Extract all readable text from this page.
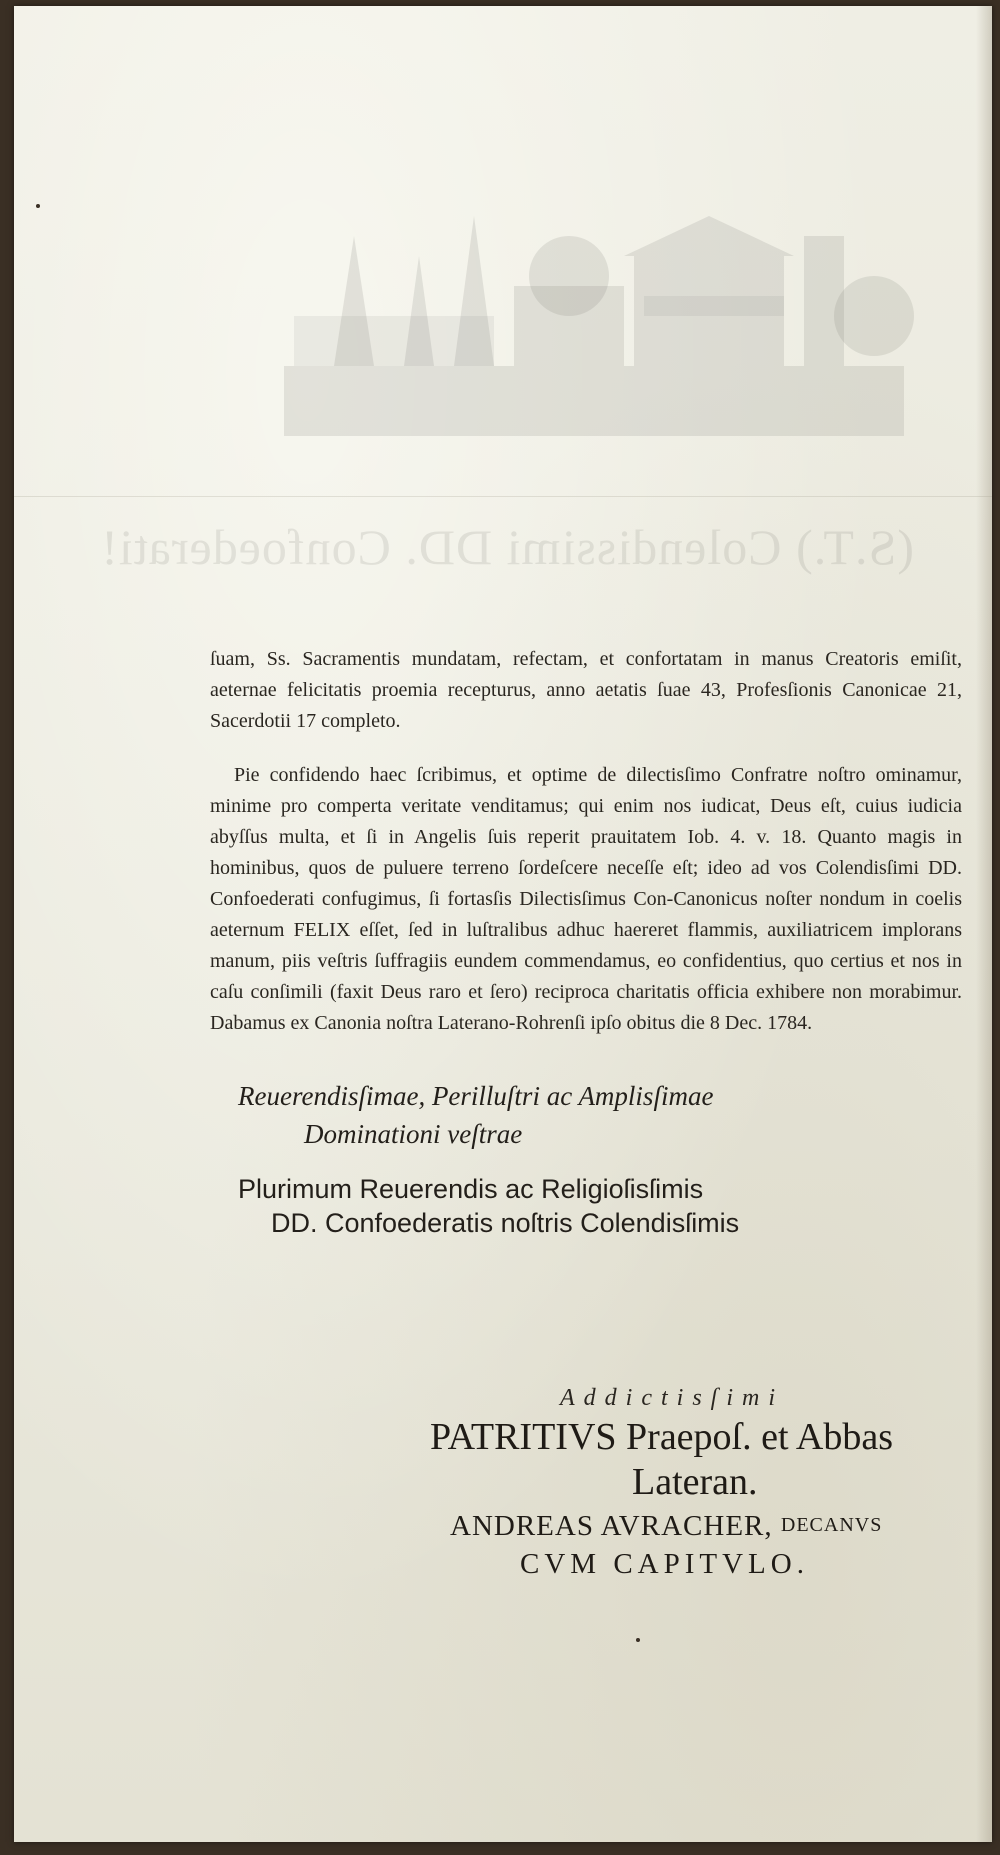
(S.T.) Colendissimi DD. Confoederati!
ſuam, Ss. Sacramentis mundatam, refectam, et confortatam in manus Creatoris emiſit, aeternae felicitatis proemia recepturus, anno aetatis ſuae 43, Profesſionis Canonicae 21, Sacerdotii 17 completo.
Pie confidendo haec ſcribimus, et optime de dilectisſimo Confratre noſtro ominamur, minime pro comperta veritate venditamus; qui enim nos iudicat, Deus eſt, cuius iudicia abyſſus multa, et ſi in Angelis ſuis reperit prauitatem Iob. 4. v. 18. Quanto magis in hominibus, quos de puluere terreno ſordeſcere neceſſe eſt; ideo ad vos Colendisſimi DD. Confoederati confugimus, ſi fortasſis Dilectisſimus Con-Canonicus noſter nondum in coelis aeternum FELIX eſſet, ſed in luſtralibus adhuc haereret flammis, auxiliatricem implorans manum, piis veſtris ſuffragiis eundem commendamus, eo confidentius, quo certius et nos in caſu conſimili (faxit Deus raro et ſero) reciproca charitatis officia exhibere non morabimur. Dabamus ex Canonia noſtra Laterano-Rohrenſi ipſo obitus die 8 Dec. 1784.
Reuerendisſimae, Perilluſtri ac Amplisſimae
Dominationi veſtrae
Plurimum Reuerendis ac Religioſisſimis
DD. Confoederatis noſtris Colendisſimis
Addictisſimi
PATRITIVS Praepoſ. et Abbas
Lateran.
ANDREAS AVRACHER, DECANVS
CVM CAPITVLO.
